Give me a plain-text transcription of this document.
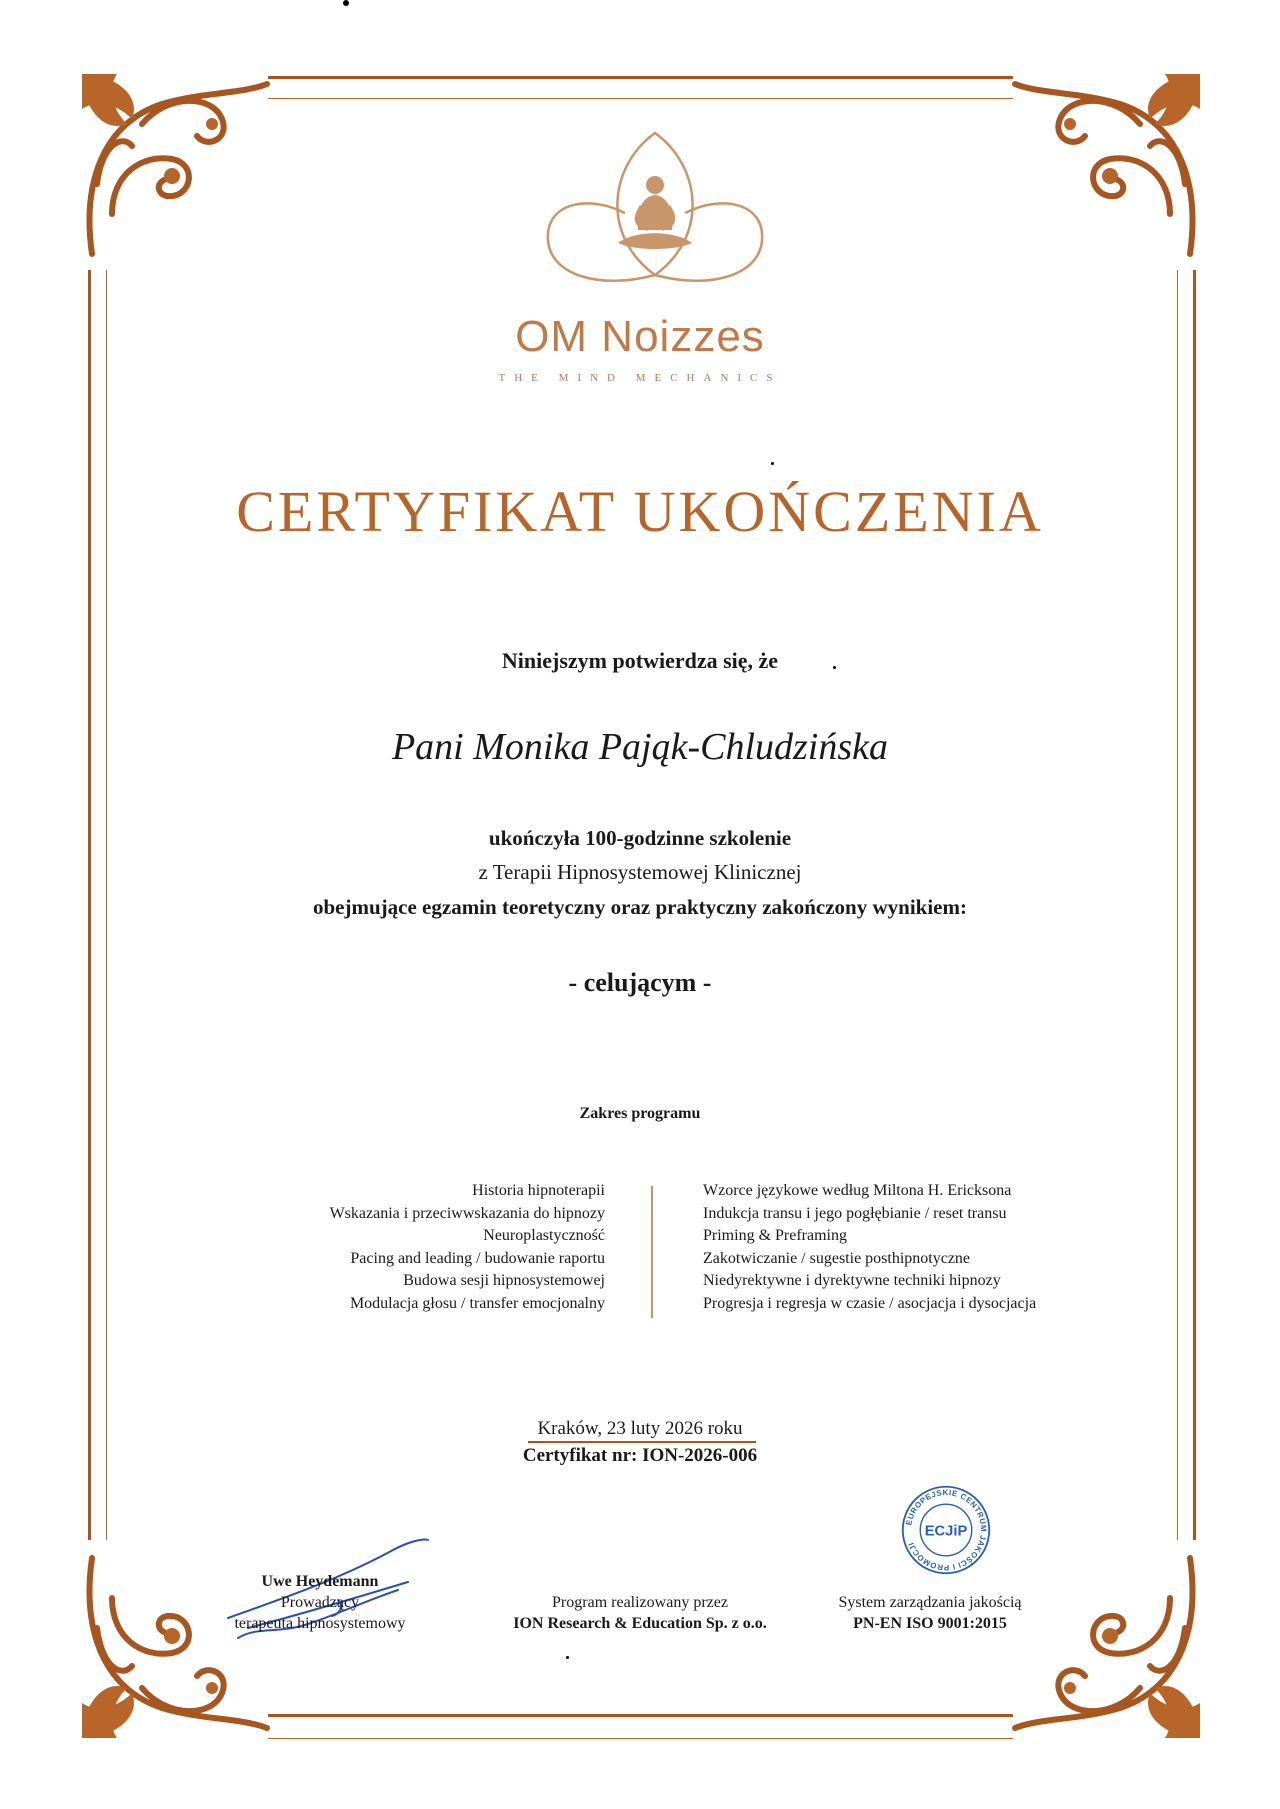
OM Noizzes
THE MIND MECHANICS
CERTYFIKAT UKOŃCZENIA
Niniejszym potwierdza się, że
Pani Monika Pająk-Chludzińska
ukończyła 100-godzinne szkolenie
z Terapii Hipnosystemowej Klinicznej
obejmujące egzamin teoretyczny oraz praktyczny zakończony wynikiem:
- celującym -
Zakres programu
Historia hipnoterapii
Wskazania i przeciwwskazania do hipnozy
Neuroplastyczność
Pacing and leading / budowanie raportu
Budowa sesji hipnosystemowej
Modulacja głosu / transfer emocjonalny
Wzorce językowe według Miltona H. Ericksona
Indukcja transu i jego pogłębianie / reset transu
Priming & Preframing
Zakotwiczanie / sugestie posthipnotyczne
Niedyrektywne i dyrektywne techniki hipnozy
Progresja i regresja w czasie / asocjacja i dysocjacja
Kraków, 23 luty 2026 roku
Certyfikat nr: ION-2026-006
Uwe Heydemann
Prowadzący
terapeuta hipnosystemowy
Program realizowany przez
ION Research & Education Sp. z o.o.
EUROPEJSKIE CENTRUM JAKOŚCI I PROMOCJI
ECJiP
System zarządzania jakością
PN-EN ISO 9001:2015
